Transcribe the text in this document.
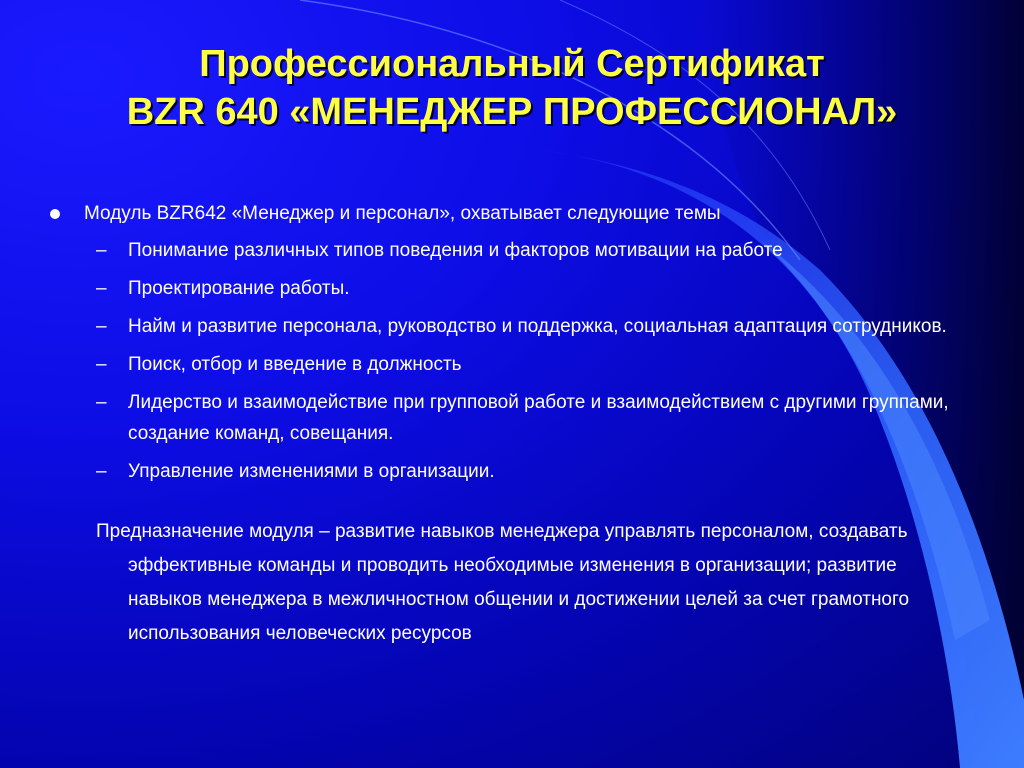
Профессиональный Сертификат
BZR 640 «МЕНЕДЖЕР ПРОФЕССИОНАЛ»
Модуль BZR642 «Менеджер и персонал», охватывает следующие темы
– Понимание различных типов поведения и факторов мотивации на работе
– Проектирование работы.
– Найм и развитие персонала, руководство и поддержка, социальная адаптация сотрудников.
– Поиск, отбор и введение в должность
– Лидерство и взаимодействие при групповой работе и взаимодействием с другими группами, создание команд, совещания.
– Управление изменениями в организации.
Предназначение модуля – развитие навыков менеджера управлять персоналом, создавать эффективные команды и проводить необходимые изменения в организации; развитие навыков менеджера в межличностном общении и достижении целей за счет грамотного использования человеческих ресурсов
